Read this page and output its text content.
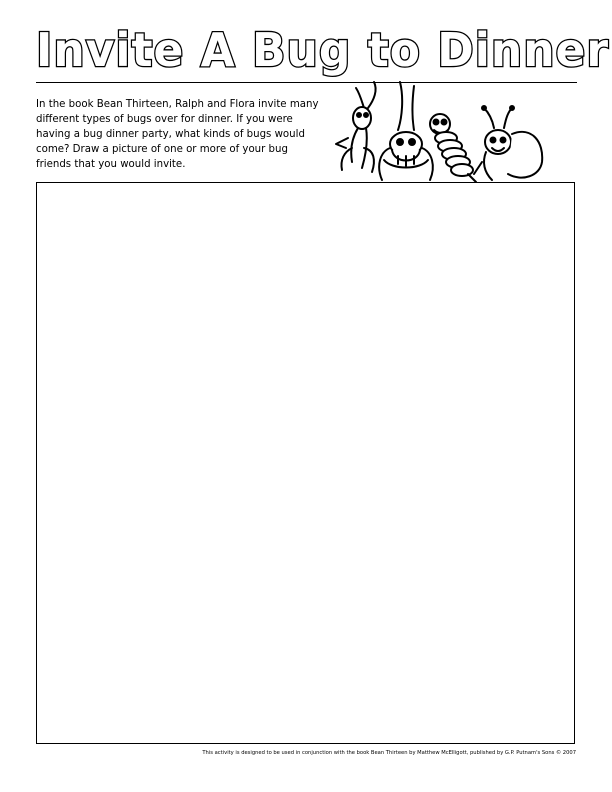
Invite A Bug to Dinner
In the book Bean Thirteen, Ralph and Flora invite many different types of bugs over for dinner. If you were having a bug dinner party, what kinds of bugs would come? Draw a picture of one or more of your bug friends that you would invite.
This activity is designed to be used in conjunction with the book Bean Thirteen by Matthew McElligott, published by G.P. Putnam's Sons © 2007
